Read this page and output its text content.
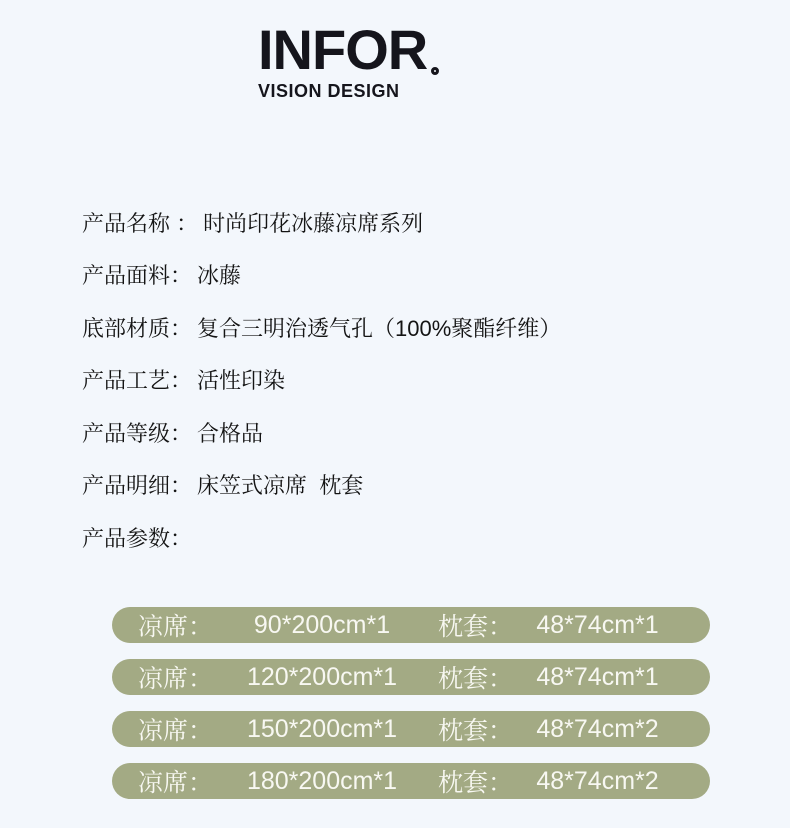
INFOR
VISION DESIGN
产品名称 ： 时尚印花冰藤凉席系列
产品面料： 冰藤
底部材质： 复合三明治透气孔（100%聚酯纤维）
产品工艺： 活性印染
产品等级： 合格品
产品明细： 床笠式凉席  枕套
产品参数：
凉席：	90*200cm*1	枕套： 48*74cm*1
凉席：	120*200cm*1	枕套： 48*74cm*1
凉席：	150*200cm*1	枕套： 48*74cm*2
凉席：	180*200cm*1	枕套： 48*74cm*2
